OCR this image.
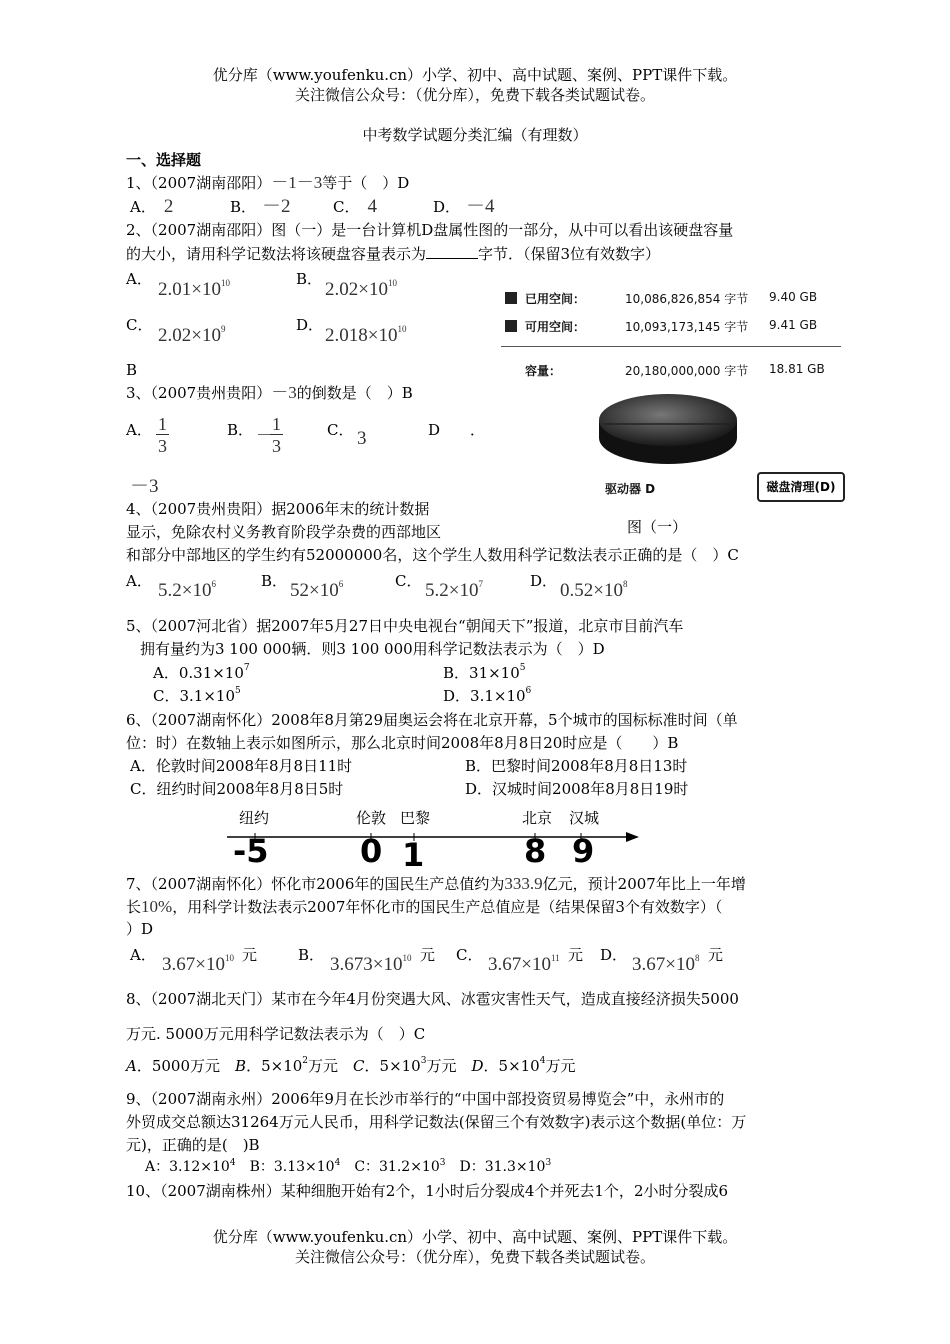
优分库（www.youfenku.cn）小学、初中、高中试题、案例、PPT课件下载。
关注微信公众号：（优分库），免费下载各类试题试卷。
中考数学试题分类汇编（有理数）
一、选择题
1、（2007湖南邵阳）－1－3等于（　）D
A． 2	B． －2	C． 4	D． －4
2、（2007湖南邵阳）图（一）是一台计算机D盘属性图的一部分，从中可以看出该硬盘容量
的大小，请用科学记数法将该硬盘容量表示为	字节．（保留3位有效数字）
A． $2.01\times 10^{10}$	B． $2.02\times 10^{10}$
C． $2.02\times 10^9$	D． $2.018\times 10^{10}$
B
已用空间：	10,086,826,854 字节 9.40 GB
可用空间：	10,093,173,145 字节 9.41 GB
容量：	20,180,000,000 字节 18.81 GB
驱动器 D	磁盘清理(D)
图（一）
3、（2007贵州贵阳）－3的倒数是（　）B
A． $\frac{1}{3}$	B． －
$\frac{1}{3}$	C． 3	D　　．
－3
4、（2007贵州贵阳）据2006年末的统计数据
显示，免除农村义务教育阶段学杂费的西部地区
和部分中部地区的学生约有52000000名，这个学生人数用科学记数法表示正确的是（　）C
A． $5.2\times 10^6$	B． $52\times 10^6$	C． $5.2\times 10^7$	D． $0.52\times 10^8$
5、（2007河北省）据2007年5月27日中央电视台“朝闻天下”报道，北京市目前汽车
拥有量约为3 100 000辆．则3 100 000用科学记数法表示为（　）D
A．$0.31\times 10^7$	B．$31\times 10^5$
C．$3.1\times 10^5$	D．$3.1\times 10^6$
6、（2007湖南怀化）2008年8月第29届奥运会将在北京开幕，5个城市的国标标准时间（单
位：时）在数轴上表示如图所示，那么北京时间2008年8月8日20时应是（　　）B
A．伦敦时间2008年8月8日11时	B．巴黎时间2008年8月8日13时
C．纽约时间2008年8月8日5时	D．汉城时间2008年8月8日19时
纽约	伦敦 巴黎	北京 汉城
-5	0 1	8 9
7、（2007湖南怀化）怀化市2006年的国民生产总值约为333.9亿元，预计2007年比上一年增
长10%，用科学计数法表示2007年怀化市的国民生产总值应是（结果保留3个有效数字）（
）D
A． $3.67\times 10^{10}$ 元	B． $3.673\times 10^{10}$ 元 C． $3.67\times 10^{11}$ 元 D． $3.67\times 10^8$ 元
8、（2007湖北天门）某市在今年4月份突遇大风、冰雹灾害性天气，造成直接经济损失5000
万元. 5000万元用科学记数法表示为（　）C
A．5000万元　 B．$5\times 10^2$万元　 C．$5\times 10^3$万元　 D．$5\times 10^4$万元
9、（2007湖南永州）2006年9月在长沙市举行的“中国中部投资贸易博览会”中，永州市的
外贸成交总额达31264万元人民币，用科学记数法(保留三个有效数字)表示这个数据(单位：万
元)，正确的是(　)B
A：$3.12\times 10^4$　 B：$3.13\times 10^4$　 C：$31.2\times 10^3$　 D：$31.3\times 10^3$
10、（2007湖南株州）某种细胞开始有2个，1小时后分裂成4个并死去1个，2小时分裂成6
优分库（www.youfenku.cn）小学、初中、高中试题、案例、PPT课件下载。
关注微信公众号：（优分库），免费下载各类试题试卷。
